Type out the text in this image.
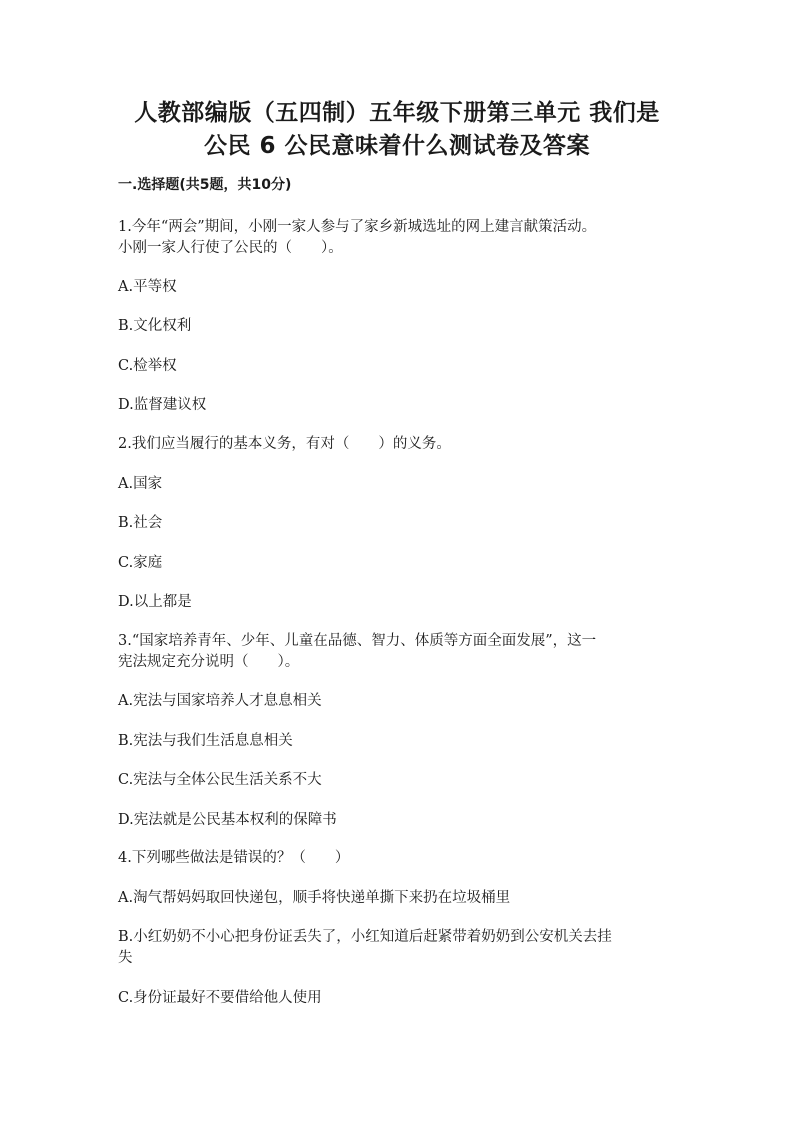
人教部编版（五四制）五年级下册第三单元 我们是
公民 6 公民意味着什么测试卷及答案
一.选择题(共5题，共10分)
1.今年“两会”期间，小刚一家人参与了家乡新城选址的网上建言献策活动。
小刚一家人行使了公民的（　　）。
A.平等权
B.文化权利
C.检举权
D.监督建议权
2.我们应当履行的基本义务，有对（　　）的义务。
A.国家
B.社会
C.家庭
D.以上都是
3.“国家培养青年、少年、儿童在品德、智力、体质等方面全面发展”，这一
宪法规定充分说明（　　）。
A.宪法与国家培养人才息息相关
B.宪法与我们生活息息相关
C.宪法与全体公民生活关系不大
D.宪法就是公民基本权利的保障书
4.下列哪些做法是错误的？（　　）
A.淘气帮妈妈取回快递包，顺手将快递单撕下来扔在垃圾桶里
B.小红奶奶不小心把身份证丢失了，小红知道后赶紧带着奶奶到公安机关去挂
失
C.身份证最好不要借给他人使用
